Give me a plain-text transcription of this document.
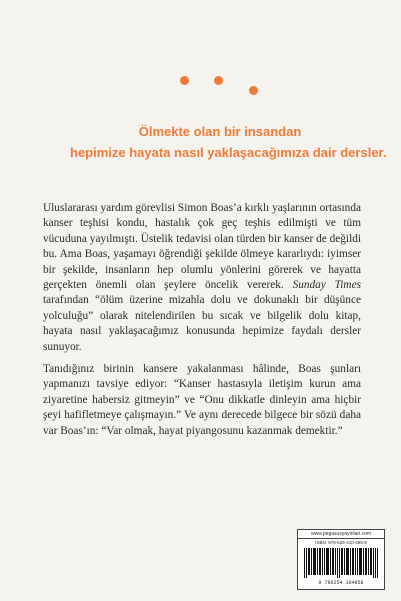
Ölmekte olan bir insandan
hepimize hayata nasıl yaklaşacağımıza dair dersler.

Uluslararası yardım görevlisi Simon Boas’a kırklı yaşlarının ortasında kanser teşhisi kondu, hastalık çok geç teşhis edilmişti ve tüm vücuduna yayılmıştı. Üstelik tedavisi olan türden bir kanser de değildi bu. Ama Boas, yaşamayı öğrendiği şekilde ölmeye kararlıydı: iyimser bir şekilde, insanların hep olumlu yönlerini görerek ve hayatta gerçekten önemli olan şeylere öncelik vererek. Sunday Times tarafından “ölüm üzerine mizahla dolu ve dokunaklı bir düşünce yolculuğu” olarak nitelendirilen bu sıcak ve bilgelik dolu kitap, hayata nasıl yaklaşacağımız konusunda hepimize faydalı dersler sunuyor.

Tanıdığınız birinin kansere yakalanması hâlinde, Boas şunları yapmanızı tavsiye ediyor: “Kanser hastasıyla iletişim kurun ama ziyaretine habersiz gitmeyin” ve “Onu dikkatle dinleyin ama hiçbir şeyi hafifletmeye çalışmayın.” Ve aynı derecede bilgece bir sözü daha var Boas’ın: “Var olmak, hayat piyangosunu kazanmak demektir.”

www.pegasusyayinlari.com
ISBN: 978-625-410-495-8
9 786254 104958
